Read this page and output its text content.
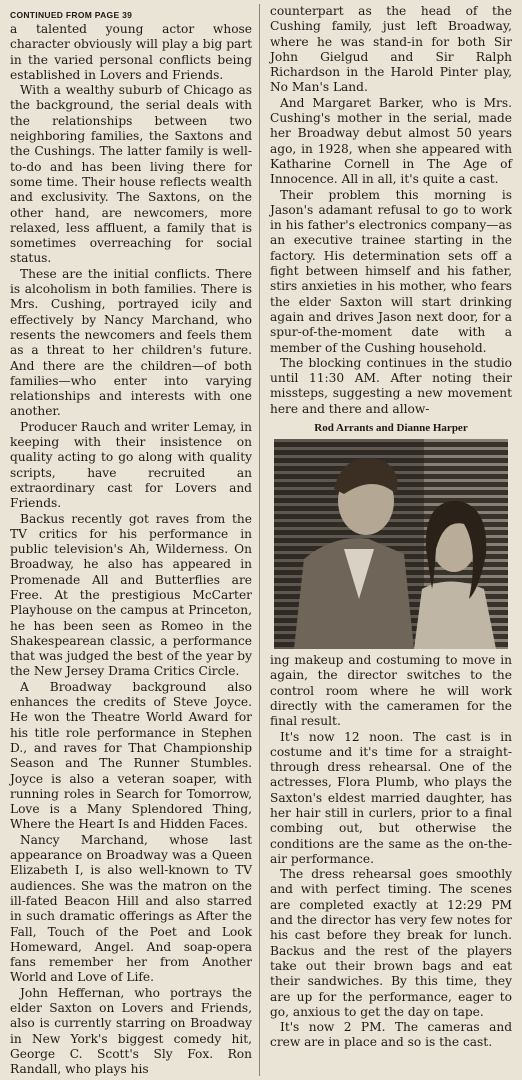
CONTINUED FROM PAGE 39

a talented young actor whose character obviously will play a big part in the varied personal conflicts being established in Lovers and Friends.

With a wealthy suburb of Chicago as the background, the serial deals with the relationships between two neighboring families, the Saxtons and the Cushings. The latter family is well-to-do and has been living there for some time. Their house reflects wealth and exclusivity. The Saxtons, on the other hand, are newcomers, more relaxed, less affluent, a family that is sometimes overreaching for social status.

These are the initial conflicts. There is alcoholism in both families. There is Mrs. Cushing, portrayed icily and effectively by Nancy Marchand, who resents the newcomers and feels them as a threat to her children's future. And there are the children—of both families—who enter into varying relationships and interests with one another.

Producer Rauch and writer Lemay, in keeping with their insistence on quality acting to go along with quality scripts, have recruited an extraordinary cast for Lovers and Friends.

Backus recently got raves from the TV critics for his performance in public television's Ah, Wilderness. On Broadway, he also has appeared in Promenade All and Butterflies are Free. At the prestigious McCarter Playhouse on the campus at Princeton, he has been seen as Romeo in the Shakespearean classic, a performance that was judged the best of the year by the New Jersey Drama Critics Circle.

A Broadway background also enhances the credits of Steve Joyce. He won the Theatre World Award for his title role performance in Stephen D., and raves for That Championship Season and The Runner Stumbles. Joyce is also a veteran soaper, with running roles in Search for Tomorrow, Love is a Many Splendored Thing, Where the Heart Is and Hidden Faces.

Nancy Marchand, whose last appearance on Broadway was a Queen Elizabeth I, is also well-known to TV audiences. She was the matron on the ill-fated Beacon Hill and also starred in such dramatic offerings as After the Fall, Touch of the Poet and Look Homeward, Angel. And soap-opera fans remember her from Another World and Love of Life.

John Heffernan, who portrays the elder Saxton on Lovers and Friends, also is currently starring on Broadway in New York's biggest comedy hit, George C. Scott's Sly Fox. Ron Randall, who plays his

counterpart as the head of the Cushing family, just left Broadway, where he was stand-in for both Sir John Gielgud and Sir Ralph Richardson in the Harold Pinter play, No Man's Land.

And Margaret Barker, who is Mrs. Cushing's mother in the serial, made her Broadway debut almost 50 years ago, in 1928, when she appeared with Katharine Cornell in The Age of Innocence. All in all, it's quite a cast.

Their problem this morning is Jason's adamant refusal to go to work in his father's electronics company—as an executive trainee starting in the factory. His determination sets off a fight between himself and his father, stirs anxieties in his mother, who fears the elder Saxton will start drinking again and drives Jason next door, for a spur-of-the-moment date with a member of the Cushing household.

The blocking continues in the studio until 11:30 AM. After noting their missteps, suggesting a new movement here and there and allow-

Rod Arrants and Dianne Harper

ing makeup and costuming to move in again, the director switches to the control room where he will work directly with the cameramen for the final result.

It's now 12 noon. The cast is in costume and it's time for a straight-through dress rehearsal. One of the actresses, Flora Plumb, who plays the Saxton's eldest married daughter, has her hair still in curlers, prior to a final combing out, but otherwise the conditions are the same as the on-the-air performance.

The dress rehearsal goes smoothly and with perfect timing. The scenes are completed exactly at 12:29 PM and the director has very few notes for his cast before they break for lunch. Backus and the rest of the players take out their brown bags and eat their sandwiches. By this time, they are up for the performance, eager to go, anxious to get the day on tape.

It's now 2 PM. The cameras and crew are in place and so is the cast.
